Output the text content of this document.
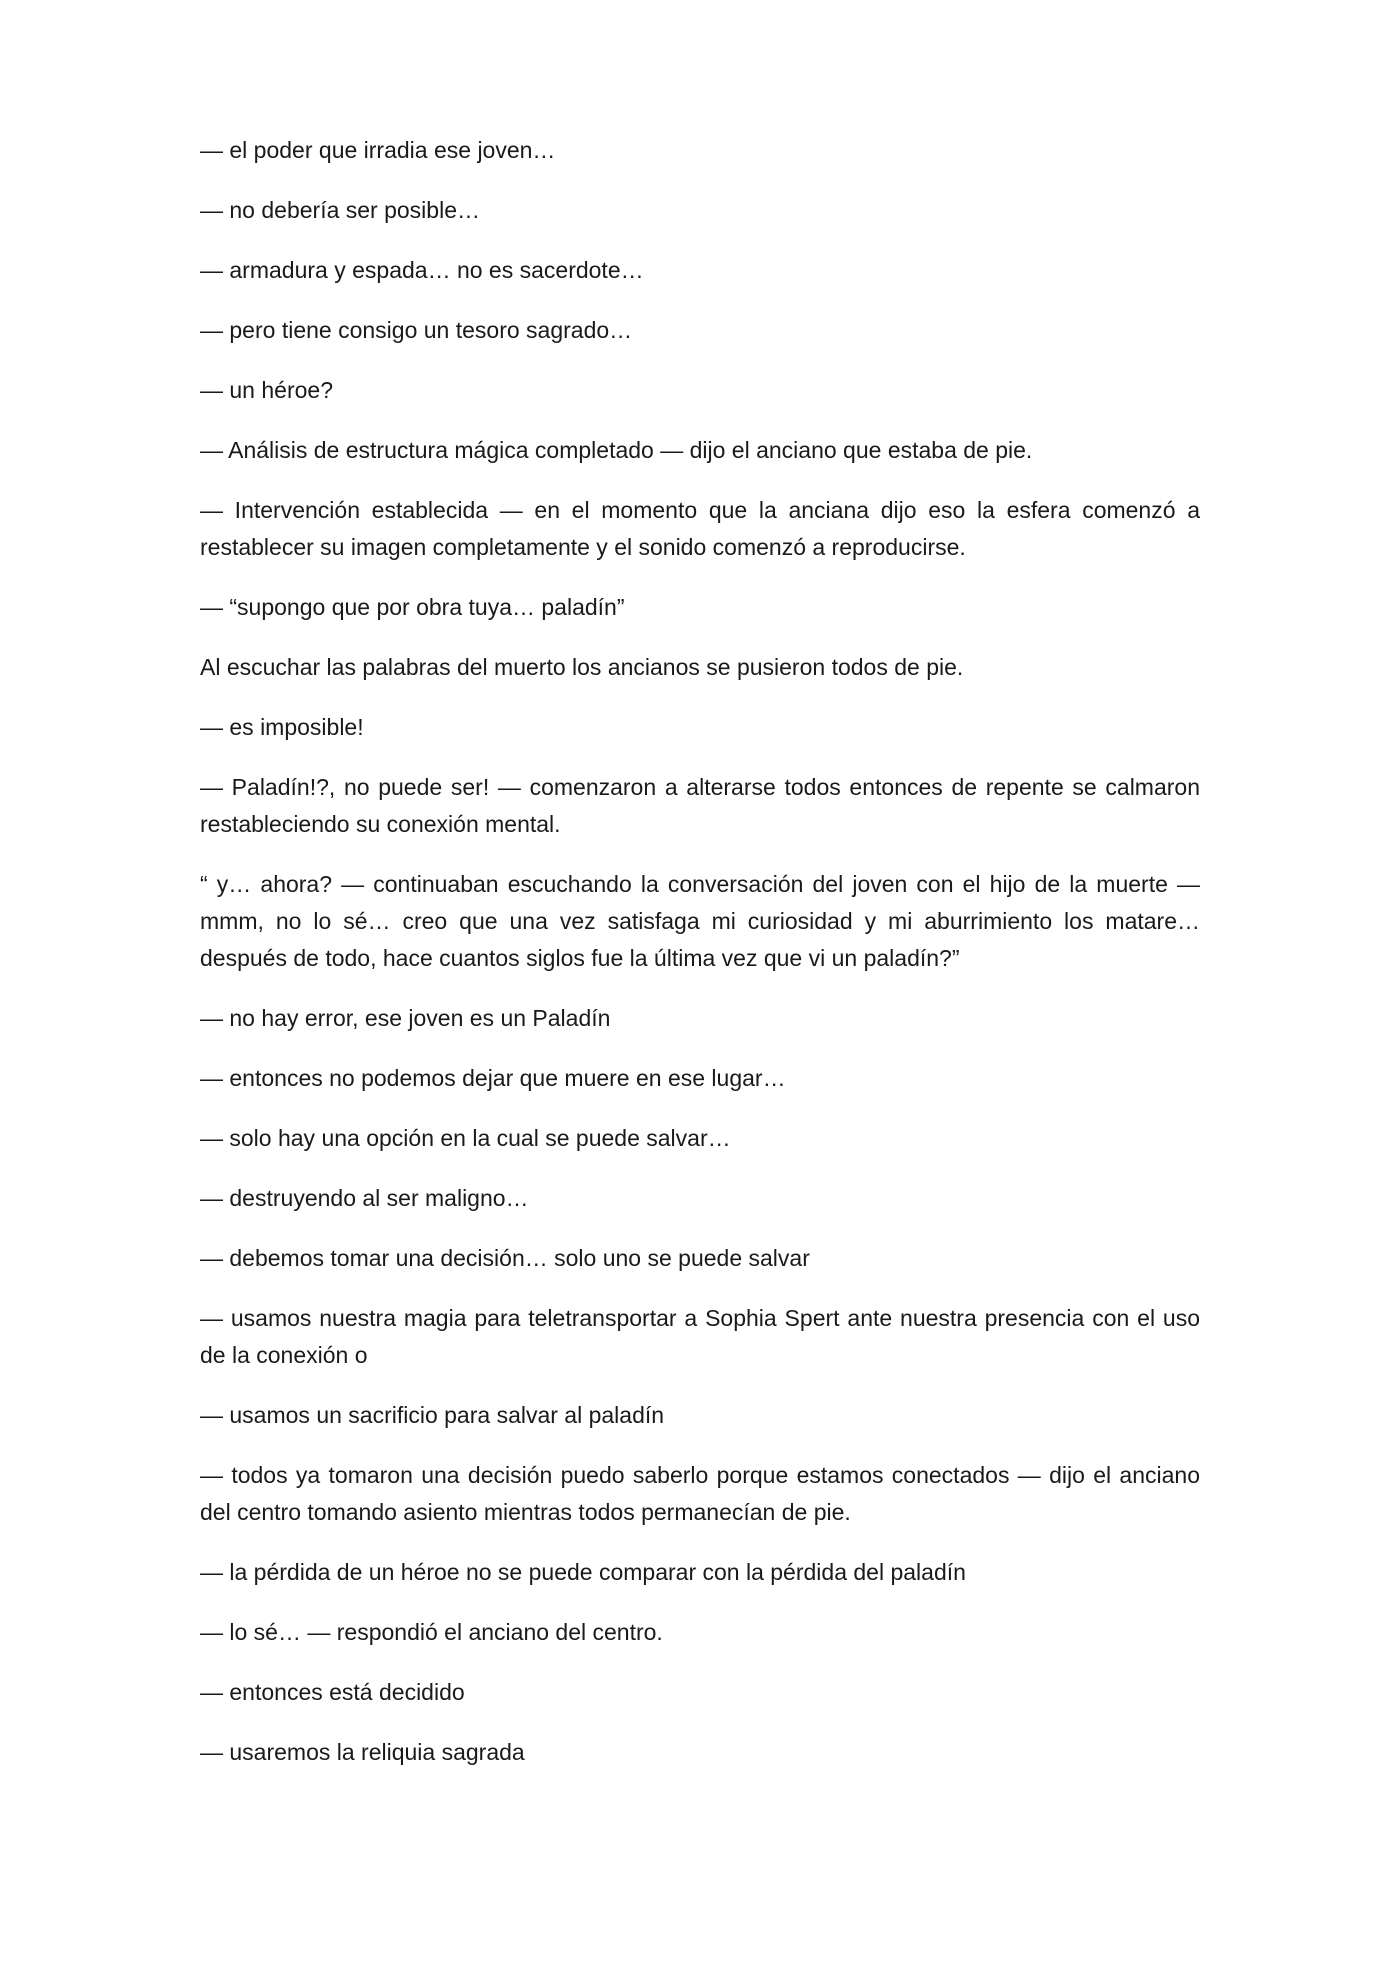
— el poder que irradia ese joven…

— no debería ser posible…

— armadura y espada… no es sacerdote…

— pero tiene consigo un tesoro sagrado…

— un héroe?

— Análisis de estructura mágica completado — dijo el anciano que estaba de pie.

— Intervención establecida — en el momento que la anciana dijo eso la esfera comenzó a restablecer su imagen completamente y el sonido comenzó a reproducirse.

— “supongo que por obra tuya… paladín”

Al escuchar las palabras del muerto los ancianos se pusieron todos de pie.

— es imposible!

— Paladín!?, no puede ser! — comenzaron a alterarse todos entonces de repente se calmaron restableciendo su conexión mental.

“ y… ahora? — continuaban escuchando la conversación del joven con el hijo de la muerte — mmm, no lo sé… creo que una vez satisfaga mi curiosidad y mi aburrimiento los matare… después de todo, hace cuantos siglos fue la última vez que vi un paladín?”

— no hay error, ese joven es un Paladín

— entonces no podemos dejar que muere en ese lugar…

— solo hay una opción en la cual se puede salvar…

— destruyendo al ser maligno…

— debemos tomar una decisión… solo uno se puede salvar

— usamos nuestra magia para teletransportar a Sophia Spert ante nuestra presencia con el uso de la conexión o

— usamos un sacrificio para salvar al paladín

— todos ya tomaron una decisión puedo saberlo porque estamos conectados — dijo el anciano del centro tomando asiento mientras todos permanecían de pie.

— la pérdida de un héroe no se puede comparar con la pérdida del paladín

— lo sé… — respondió el anciano del centro.

— entonces está decidido

— usaremos la reliquia sagrada
